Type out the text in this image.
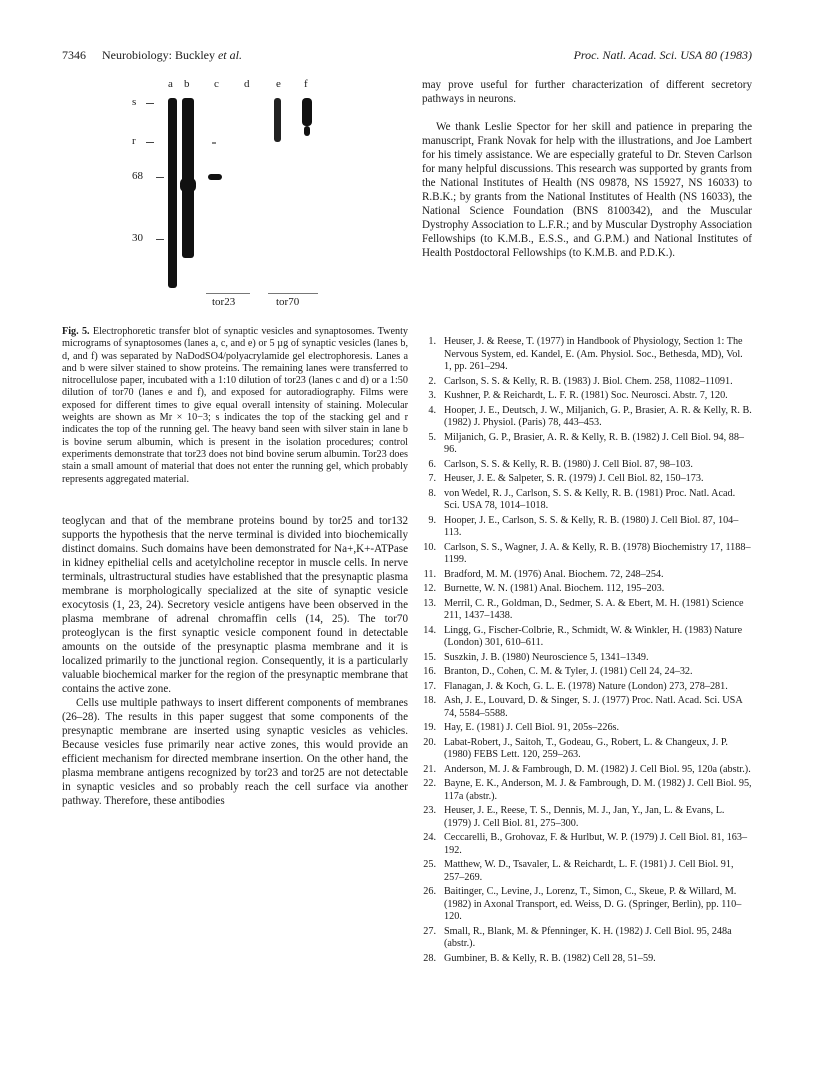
7346 Neurobiology: Buckley et al.	Proc. Natl. Acad. Sci. USA 80 (1983)
a b c d e f
s
r
68
30
tor23	tor70
Fig. 5. Electrophoretic transfer blot of synaptic vesicles and synaptosomes. Twenty micrograms of synaptosomes (lanes a, c, and e) or 5 µg of synaptic vesicles (lanes b, d, and f) was separated by NaDodSO4/polyacrylamide gel electrophoresis. Lanes a and b were silver stained to show proteins. The remaining lanes were transferred to nitrocellulose paper, incubated with a 1:10 dilution of tor23 (lanes c and d) or a 1:50 dilution of tor70 (lanes e and f), and exposed for autoradiography. Films were exposed for different times to give equal overall intensity of staining. Molecular weights are shown as Mr × 10−3; s indicates the top of the stacking gel and r indicates the top of the running gel. The heavy band seen with silver stain in lane b is bovine serum albumin, which is present in the isolation procedures; control experiments demonstrate that tor23 does not bind bovine serum albumin. Tor23 does stain a small amount of material that does not enter the running gel, which probably represents aggregated material.

teoglycan and that of the membrane proteins bound by tor25 and tor132 supports the hypothesis that the nerve terminal is divided into biochemically distinct domains. Such domains have been demonstrated for Na+,K+-ATPase in kidney epithelial cells and acetylcholine receptor in muscle cells. In nerve terminals, ultrastructural studies have established that the presynaptic plasma membrane is morphologically specialized at the site of synaptic vesicle exocytosis (1, 23, 24). Secretory vesicle antigens have been observed in the plasma membrane of adrenal chromaffin cells (14, 25). The tor70 proteoglycan is the first synaptic vesicle component found in detectable amounts on the outside of the presynaptic plasma membrane and it is localized primarily to the junctional region. Consequently, it is a particularly valuable biochemical marker for the region of the presynaptic membrane that contains the active zone.

Cells use multiple pathways to insert different components of membranes (26–28). The results in this paper suggest that some components of the presynaptic membrane are inserted using synaptic vesicles as vehicles. Because vesicles fuse primarily near active zones, this would provide an efficient mechanism for directed membrane insertion. On the other hand, the plasma membrane antigens recognized by tor23 and tor25 are not detectable in synaptic vesicles and so probably reach the cell surface via another pathway. Therefore, these antibodies

may prove useful for further characterization of different secretory pathways in neurons.

We thank Leslie Spector for her skill and patience in preparing the manuscript, Frank Novak for help with the illustrations, and Joe Lambert for his timely assistance. We are especially grateful to Dr. Steven Carlson for many helpful discussions. This research was supported by grants from the National Institutes of Health (NS 09878, NS 15927, NS 16033) to R.B.K.; by grants from the National Institutes of Health (NS 16033), the National Science Foundation (BNS 8100342), and the Muscular Dystrophy Association to L.F.R.; and by Muscular Dystrophy Association Fellowships (to K.M.B., E.S.S., and G.P.M.) and National Institutes of Health Postdoctoral Fellowships (to K.M.B. and P.D.K.).

1. Heuser, J. & Reese, T. (1977) in Handbook of Physiology, Section 1: The Nervous System, ed. Kandel, E. (Am. Physiol. Soc., Bethesda, MD), Vol. 1, pp. 261–294.
2. Carlson, S. S. & Kelly, R. B. (1983) J. Biol. Chem. 258, 11082–11091.
3. Kushner, P. & Reichardt, L. F. R. (1981) Soc. Neurosci. Abstr. 7, 120.
4. Hooper, J. E., Deutsch, J. W., Miljanich, G. P., Brasier, A. R. & Kelly, R. B. (1982) J. Physiol. (Paris) 78, 443–453.
5. Miljanich, G. P., Brasier, A. R. & Kelly, R. B. (1982) J. Cell Biol. 94, 88–96.
6. Carlson, S. S. & Kelly, R. B. (1980) J. Cell Biol. 87, 98–103.
7. Heuser, J. E. & Salpeter, S. R. (1979) J. Cell Biol. 82, 150–173.
8. von Wedel, R. J., Carlson, S. S. & Kelly, R. B. (1981) Proc. Natl. Acad. Sci. USA 78, 1014–1018.
9. Hooper, J. E., Carlson, S. S. & Kelly, R. B. (1980) J. Cell Biol. 87, 104–113.
10. Carlson, S. S., Wagner, J. A. & Kelly, R. B. (1978) Biochemistry 17, 1188–1199.
11. Bradford, M. M. (1976) Anal. Biochem. 72, 248–254.
12. Burnette, W. N. (1981) Anal. Biochem. 112, 195–203.
13. Merril, C. R., Goldman, D., Sedmer, S. A. & Ebert, M. H. (1981) Science 211, 1437–1438.
14. Lingg, G., Fischer-Colbrie, R., Schmidt, W. & Winkler, H. (1983) Nature (London) 301, 610–611.
15. Suszkin, J. B. (1980) Neuroscience 5, 1341–1349.
16. Branton, D., Cohen, C. M. & Tyler, J. (1981) Cell 24, 24–32.
17. Flanagan, J. & Koch, G. L. E. (1978) Nature (London) 273, 278–281.
18. Ash, J. E., Louvard, D. & Singer, S. J. (1977) Proc. Natl. Acad. Sci. USA 74, 5584–5588.
19. Hay, E. (1981) J. Cell Biol. 91, 205s–226s.
20. Labat-Robert, J., Saitoh, T., Godeau, G., Robert, L. & Changeux, J. P. (1980) FEBS Lett. 120, 259–263.
21. Anderson, M. J. & Fambrough, D. M. (1982) J. Cell Biol. 95, 120a (abstr.).
22. Bayne, E. K., Anderson, M. J. & Fambrough, D. M. (1982) J. Cell Biol. 95, 117a (abstr.).
23. Heuser, J. E., Reese, T. S., Dennis, M. J., Jan, Y., Jan, L. & Evans, L. (1979) J. Cell Biol. 81, 275–300.
24. Ceccarelli, B., Grohovaz, F. & Hurlbut, W. P. (1979) J. Cell Biol. 81, 163–192.
25. Matthew, W. D., Tsavaler, L. & Reichardt, L. F. (1981) J. Cell Biol. 91, 257–269.
26. Baitinger, C., Levine, J., Lorenz, T., Simon, C., Skeue, P. & Willard, M. (1982) in Axonal Transport, ed. Weiss, D. G. (Springer, Berlin), pp. 110–120.
27. Small, R., Blank, M. & Pfenninger, K. H. (1982) J. Cell Biol. 95, 248a (abstr.).
28. Gumbiner, B. & Kelly, R. B. (1982) Cell 28, 51–59.
